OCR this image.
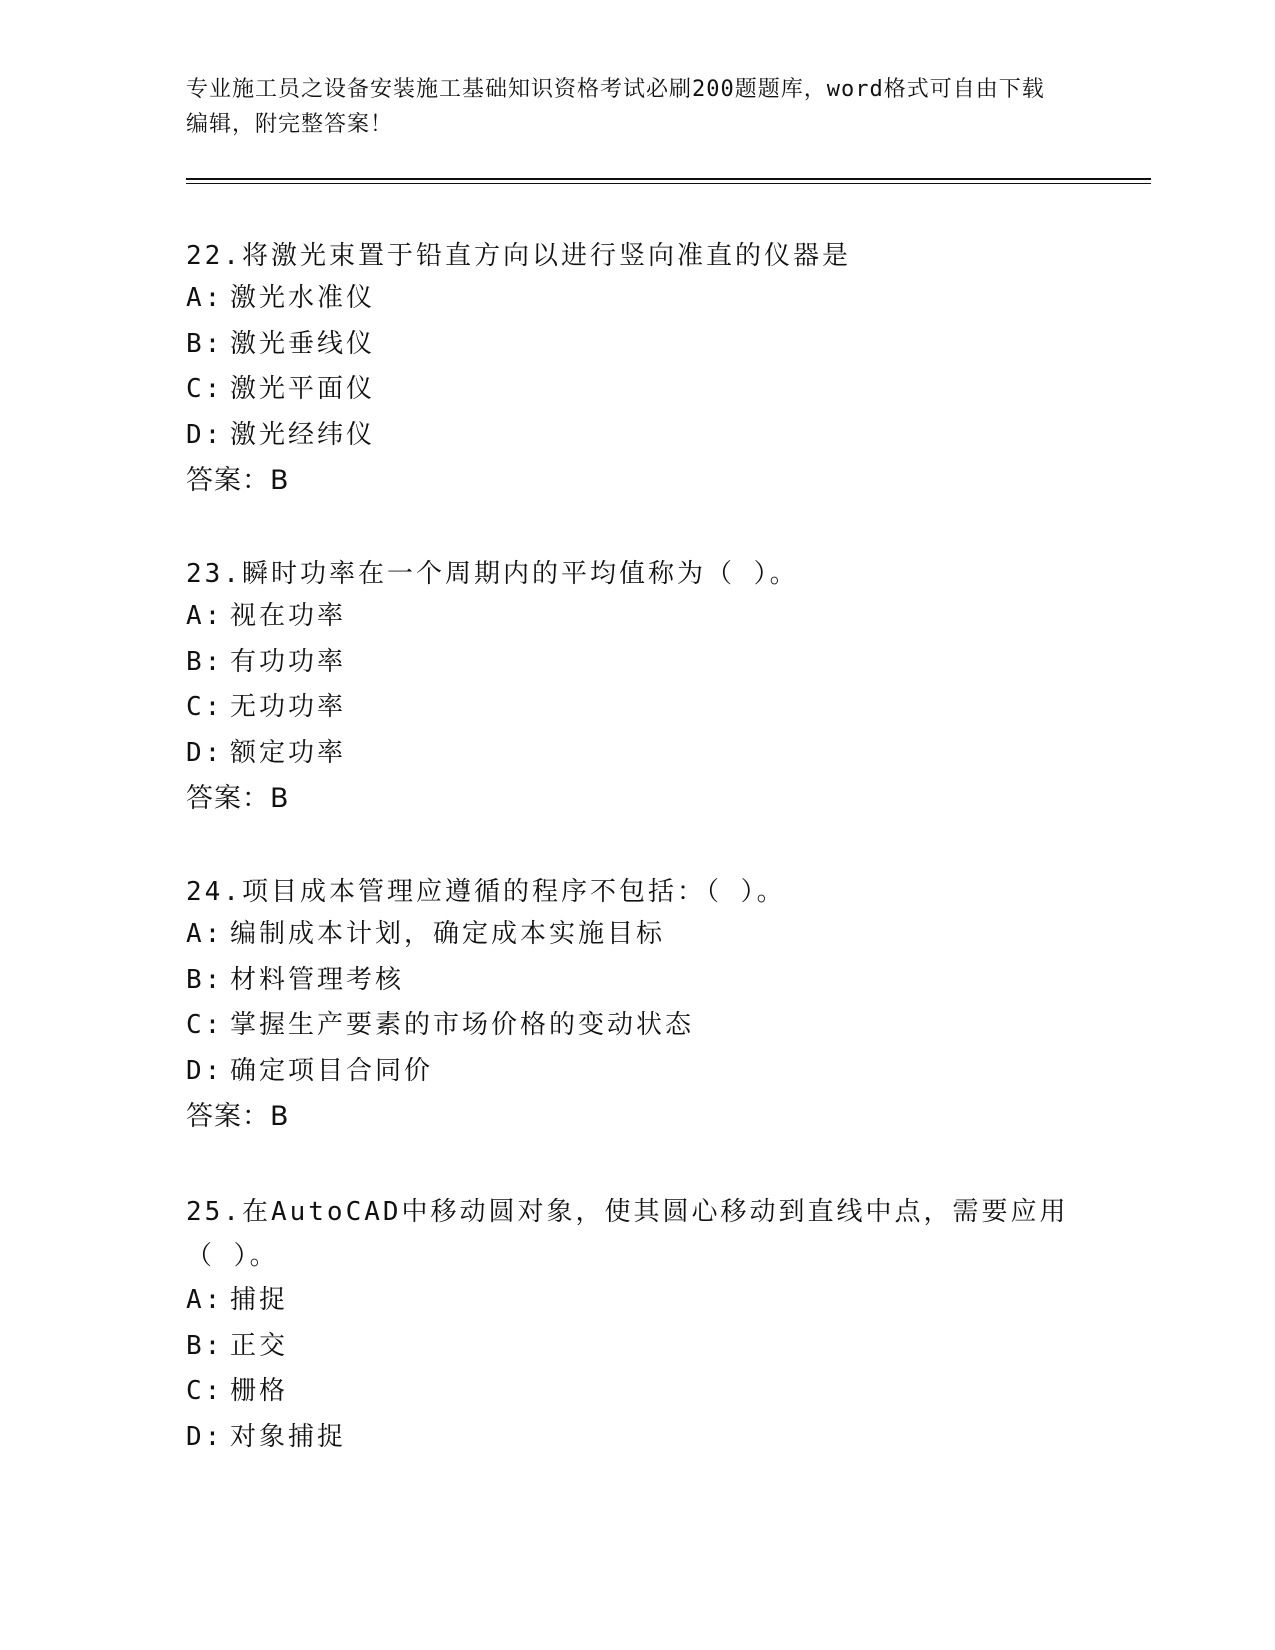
专业施工员之设备安装施工基础知识资格考试必刷200题题库，word格式可自由下载编辑，附完整答案！

22.将激光束置于铅直方向以进行竖向准直的仪器是

A: 激光水准仪
B: 激光垂线仪
C: 激光平面仪
D: 激光经纬仪
答案：B

23.瞬时功率在一个周期内的平均值称为（ ）。

A: 视在功率
B: 有功功率
C: 无功功率
D: 额定功率
答案：B

24.项目成本管理应遵循的程序不包括：（ ）。

A: 编制成本计划，确定成本实施目标
B: 材料管理考核
C: 掌握生产要素的市场价格的变动状态
D: 确定项目合同价
答案：B

25.在AutoCAD中移动圆对象，使其圆心移动到直线中点，需要应用（ ）。

A: 捕捉
B: 正交
C: 栅格
D: 对象捕捉
